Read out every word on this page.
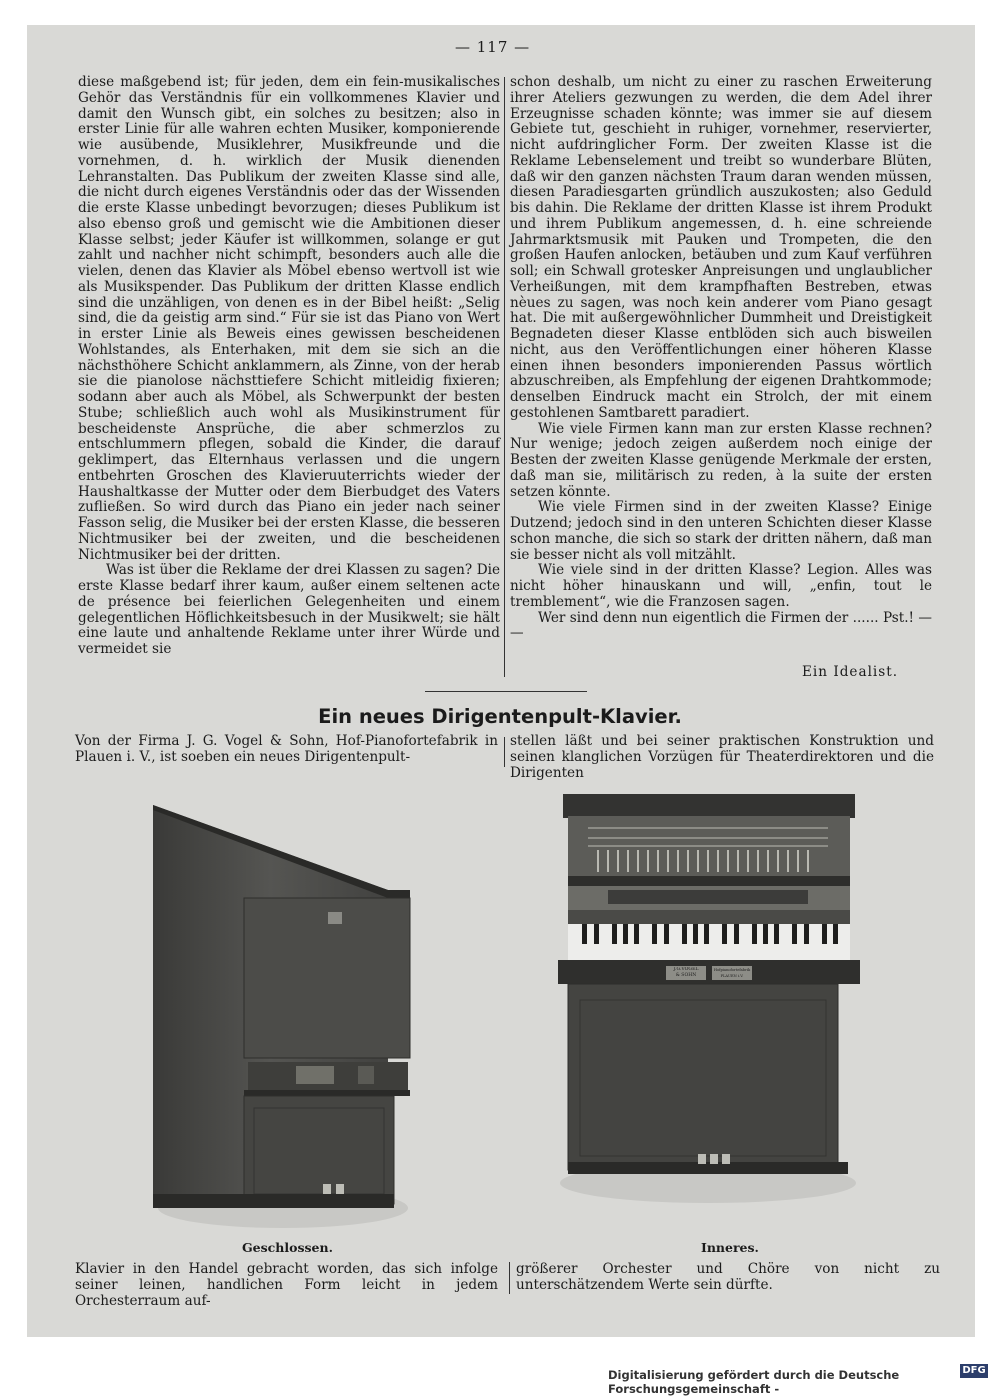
— 117 —

diese maßgebend ist; für jeden, dem ein fein-musikalisches Gehör das Verständnis für ein vollkommenes Klavier und damit den Wunsch gibt, ein solches zu besitzen; also in erster Linie für alle wahren echten Musiker, komponierende wie ausübende, Musiklehrer, Musikfreunde und die vornehmen, d. h. wirklich der Musik dienenden Lehranstalten. Das Publikum der zweiten Klasse sind alle, die nicht durch eigenes Verständnis oder das der Wissenden die erste Klasse unbedingt bevorzugen; dieses Publikum ist also ebenso groß und gemischt wie die Ambitionen dieser Klasse selbst; jeder Käufer ist willkommen, solange er gut zahlt und nachher nicht schimpft, besonders auch alle die vielen, denen das Klavier als Möbel ebenso wertvoll ist wie als Musikspender. Das Publikum der dritten Klasse endlich sind die unzähligen, von denen es in der Bibel heißt: „Selig sind, die da geistig arm sind.“ Für sie ist das Piano von Wert in erster Linie als Beweis eines gewissen bescheidenen Wohlstandes, als Enterhaken, mit dem sie sich an die nächsthöhere Schicht anklammern, als Zinne, von der herab sie die pianolose nächsttiefere Schicht mitleidig fixieren; sodann aber auch als Möbel, als Schwerpunkt der besten Stube; schließlich auch wohl als Musikinstrument für bescheidenste Ansprüche, die aber schmerzlos zu entschlummern pflegen, sobald die Kinder, die darauf geklimpert, das Elternhaus verlassen und die ungern entbehrten Groschen des Klavieruuterrichts wieder der Haushaltkasse der Mutter oder dem Bierbudget des Vaters zufließen. So wird durch das Piano ein jeder nach seiner Fasson selig, die Musiker bei der ersten Klasse, die besseren Nichtmusiker bei der zweiten, und die bescheidenen Nichtmusiker bei der dritten.

Was ist über die Reklame der drei Klassen zu sagen? Die erste Klasse bedarf ihrer kaum, außer einem seltenen acte de présence bei feierlichen Gelegenheiten und einem gelegentlichen Höflichkeitsbesuch in der Musikwelt; sie hält eine laute und anhaltende Reklame unter ihrer Würde und vermeidet sie

schon deshalb, um nicht zu einer zu raschen Erweiterung ihrer Ateliers gezwungen zu werden, die dem Adel ihrer Erzeugnisse schaden könnte; was immer sie auf diesem Gebiete tut, geschieht in ruhiger, vornehmer, reservierter, nicht aufdringlicher Form. Der zweiten Klasse ist die Reklame Lebenselement und treibt so wunderbare Blüten, daß wir den ganzen nächsten Traum daran wenden müssen, diesen Paradiesgarten gründlich auszukosten; also Geduld bis dahin. Die Reklame der dritten Klasse ist ihrem Produkt und ihrem Publikum angemessen, d. h. eine schreiende Jahrmarktsmusik mit Pauken und Trompeten, die den großen Haufen anlocken, betäuben und zum Kauf verführen soll; ein Schwall grotesker Anpreisungen und unglaublicher Verheißungen, mit dem krampfhaften Bestreben, etwas nèues zu sagen, was noch kein anderer vom Piano gesagt hat. Die mit außergewöhnlicher Dummheit und Dreistigkeit Begnadeten dieser Klasse entblöden sich auch bisweilen nicht, aus den Veröffentlichungen einer höheren Klasse einen ihnen besonders imponierenden Passus wörtlich abzuschreiben, als Empfehlung der eigenen Drahtkommode; denselben Eindruck macht ein Strolch, der mit einem gestohlenen Samtbarett paradiert.

Wie viele Firmen kann man zur ersten Klasse rechnen? Nur wenige; jedoch zeigen außerdem noch einige der Besten der zweiten Klasse genügende Merkmale der ersten, daß man sie, militärisch zu reden, à la suite der ersten setzen könnte.

Wie viele Firmen sind in der zweiten Klasse? Einige Dutzend; jedoch sind in den unteren Schichten dieser Klasse schon manche, die sich so stark der dritten nähern, daß man sie besser nicht als voll mitzählt.

Wie viele sind in der dritten Klasse? Legion. Alles was nicht höher hinauskann und will, „enfin, tout le tremblement“, wie die Franzosen sagen.

Wer sind denn nun eigentlich die Firmen der ...... Pst.! — —

Ein Idealist.
Ein neues Dirigentenpult-Klavier.
Von der Firma J. G. Vogel & Sohn, Hof-Pianofortefabrik in Plauen i. V., ist soeben ein neues Dirigentenpult-
stellen läßt und bei seiner praktischen Konstruktion und seinen klanglichen Vorzügen für Theaterdirektoren und die Dirigenten
Geschlossen.	Inneres.
J.G.VOGEL
& SOHN
Hofpianofortefabrik
PLAUEN i.V.
Klavier in den Handel gebracht worden, das sich infolge seiner leinen, handlichen Form leicht in jedem Orchesterraum auf-
größerer Orchester und Chöre von nicht zu unterschätzendem Werte sein dürfte.
Digitalisierung gefördert durch die Deutsche Forschungsgemeinschaft -
DFG
